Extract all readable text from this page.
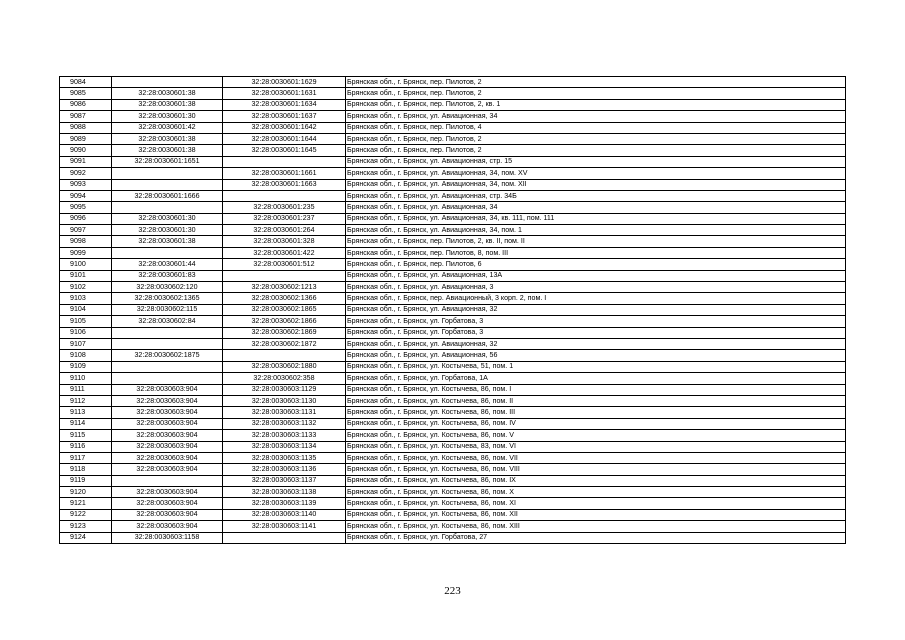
9084		32:28:0030601:1629	Брянская обл., г. Брянск, пер. Пилотов, 2
9085	32:28:0030601:38	32:28:0030601:1631	Брянская обл., г. Брянск, пер. Пилотов, 2
9086	32:28:0030601:38	32:28:0030601:1634	Брянская обл., г. Брянск, пер. Пилотов, 2, кв. 1
9087	32:28:0030601:30	32:28:0030601:1637	Брянская обл., г. Брянск, ул. Авиационная, 34
9088	32:28:0030601:42	32:28:0030601:1642	Брянская обл., г. Брянск, пер. Пилотов, 4
9089	32:28:0030601:38	32:28:0030601:1644	Брянская обл., г. Брянск, пер. Пилотов, 2
9090	32:28:0030601:38	32:28:0030601:1645	Брянская обл., г. Брянск, пер. Пилотов, 2
9091	32:28:0030601:1651		Брянская обл., г. Брянск, ул. Авиационная, стр. 15
9092		32:28:0030601:1661	Брянская обл., г. Брянск, ул. Авиационная, 34, пом. XV
9093		32:28:0030601:1663	Брянская обл., г. Брянск, ул. Авиационная, 34, пом. XII
9094	32:28:0030601:1666		Брянская обл., г. Брянск, ул. Авиационная, стр. 34Б
9095		32:28:0030601:235	Брянская обл., г. Брянск, ул. Авиационная, 34
9096	32:28:0030601:30	32:28:0030601:237	Брянская обл., г. Брянск, ул. Авиационная, 34, кв. 111, пом. 111
9097	32:28:0030601:30	32:28:0030601:264	Брянская обл., г. Брянск, ул. Авиационная, 34, пом. 1
9098	32:28:0030601:38	32:28:0030601:328	Брянская обл., г. Брянск, пер. Пилотов, 2, кв. II, пом. II
9099		32:28:0030601:422	Брянская обл., г. Брянск, пер. Пилотов, 8, пом. III
9100	32:28:0030601:44	32:28:0030601:512	Брянская обл., г. Брянск, пер. Пилотов, 6
9101	32:28:0030601:83		Брянская обл., г. Брянск, ул. Авиационная, 13А
9102	32:28:0030602:120	32:28:0030602:1213	Брянская обл., г. Брянск, ул. Авиационная, 3
9103	32:28:0030602:1365	32:28:0030602:1366	Брянская обл., г. Брянск, пер. Авиационный, 3 корп. 2, пом. I
9104	32:28:0030602:115	32:28:0030602:1865	Брянская обл., г. Брянск, ул. Авиационная, 32
9105	32:28:0030602:84	32:28:0030602:1866	Брянская обл., г. Брянск, ул. Горбатова, 3
9106		32:28:0030602:1869	Брянская обл., г. Брянск, ул. Горбатова, 3
9107		32:28:0030602:1872	Брянская обл., г. Брянск, ул. Авиационная, 32
9108	32:28:0030602:1875		Брянская обл., г. Брянск, ул. Авиационная, 56
9109		32:28:0030602:1880	Брянская обл., г. Брянск, ул. Костычева, 51, пом. 1
9110		32:28:0030602:358	Брянская обл., г. Брянск, ул. Горбатова, 1А
9111	32:28:0030603:904	32:28:0030603:1129	Брянская обл., г. Брянск, ул. Костычева, 86, пом. I
9112	32:28:0030603:904	32:28:0030603:1130	Брянская обл., г. Брянск, ул. Костычева, 86, пом. II
9113	32:28:0030603:904	32:28:0030603:1131	Брянская обл., г. Брянск, ул. Костычева, 86, пом. III
9114	32:28:0030603:904	32:28:0030603:1132	Брянская обл., г. Брянск, ул. Костычева, 86, пом. IV
9115	32:28:0030603:904	32:28:0030603:1133	Брянская обл., г. Брянск, ул. Костычева, 86, пом. V
9116	32:28:0030603:904	32:28:0030603:1134	Брянская обл., г. Брянск, ул. Костычева, 83, пом. VI
9117	32:28:0030603:904	32:28:0030603:1135	Брянская обл., г. Брянск, ул. Костычева, 86, пом. VII
9118	32:28:0030603:904	32:28:0030603:1136	Брянская обл., г. Брянск, ул. Костычева, 86, пом. VIII
9119		32:28:0030603:1137	Брянская обл., г. Брянск, ул. Костычева, 86, пом. IX
9120	32:28:0030603:904	32:28:0030603:1138	Брянская обл., г. Брянск, ул. Костычева, 86, пом. X
9121	32:28:0030603:904	32:28:0030603:1139	Брянская обл., г. Брянск, ул. Костычева, 86, пом. XI
9122	32:28:0030603:904	32:28:0030603:1140	Брянская обл., г. Брянск, ул. Костычева, 86, пом. XII
9123	32:28:0030603:904	32:28:0030603:1141	Брянская обл., г. Брянск, ул. Костычева, 86, пом. XIII
9124	32:28:0030603:1158		Брянская обл., г. Брянск, ул. Горбатова, 27
223
